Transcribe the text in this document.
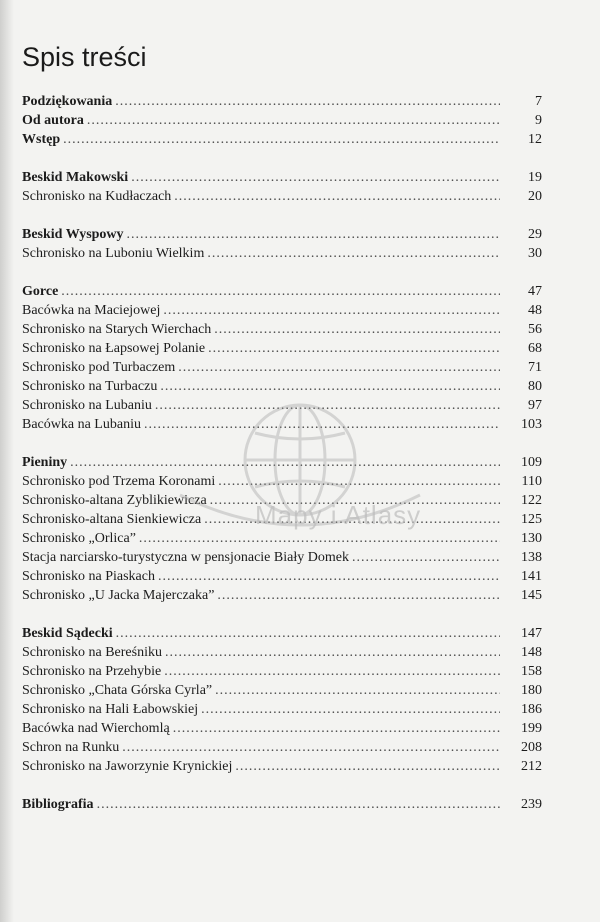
Spis treści
Podziękowania .....	7
Od autora .....	9
Wstęp .....	12
Beskid Makowski .....	19
Schronisko na Kudłaczach .....	20
Beskid Wyspowy .....	29
Schronisko na Luboniu Wielkim .....	30
Gorce .....	47
Bacówka na Maciejowej .....	48
Schronisko na Starych Wierchach .....	56
Schronisko na Łapsowej Polanie .....	68
Schronisko pod Turbaczem .....	71
Schronisko na Turbaczu .....	80
Schronisko na Lubaniu .....	97
Bacówka na Lubaniu .....	103
Pieniny .....	109
Schronisko pod Trzema Koronami .....	110
Schronisko-altana Zyblikiewicza .....	122
Schronisko-altana Sienkiewicza .....	125
Schronisko „Orlica” .....	130
Stacja narciarsko-turystyczna w pensjonacie Biały Domek .....	138
Schronisko na Piaskach .....	141
Schronisko „U Jacka Majerczaka” .....	145
Beskid Sądecki .....	147
Schronisko na Bereśniku .....	148
Schronisko na Przehybie .....	158
Schronisko „Chata Górska Cyrla” .....	180
Schronisko na Hali Łabowskiej .....	186
Bacówka nad Wierchomlą .....	199
Schron na Runku .....	208
Schronisko na Jaworzynie Krynickiej .....	212
Bibliografia .....	239
Mapy i Atlasy
